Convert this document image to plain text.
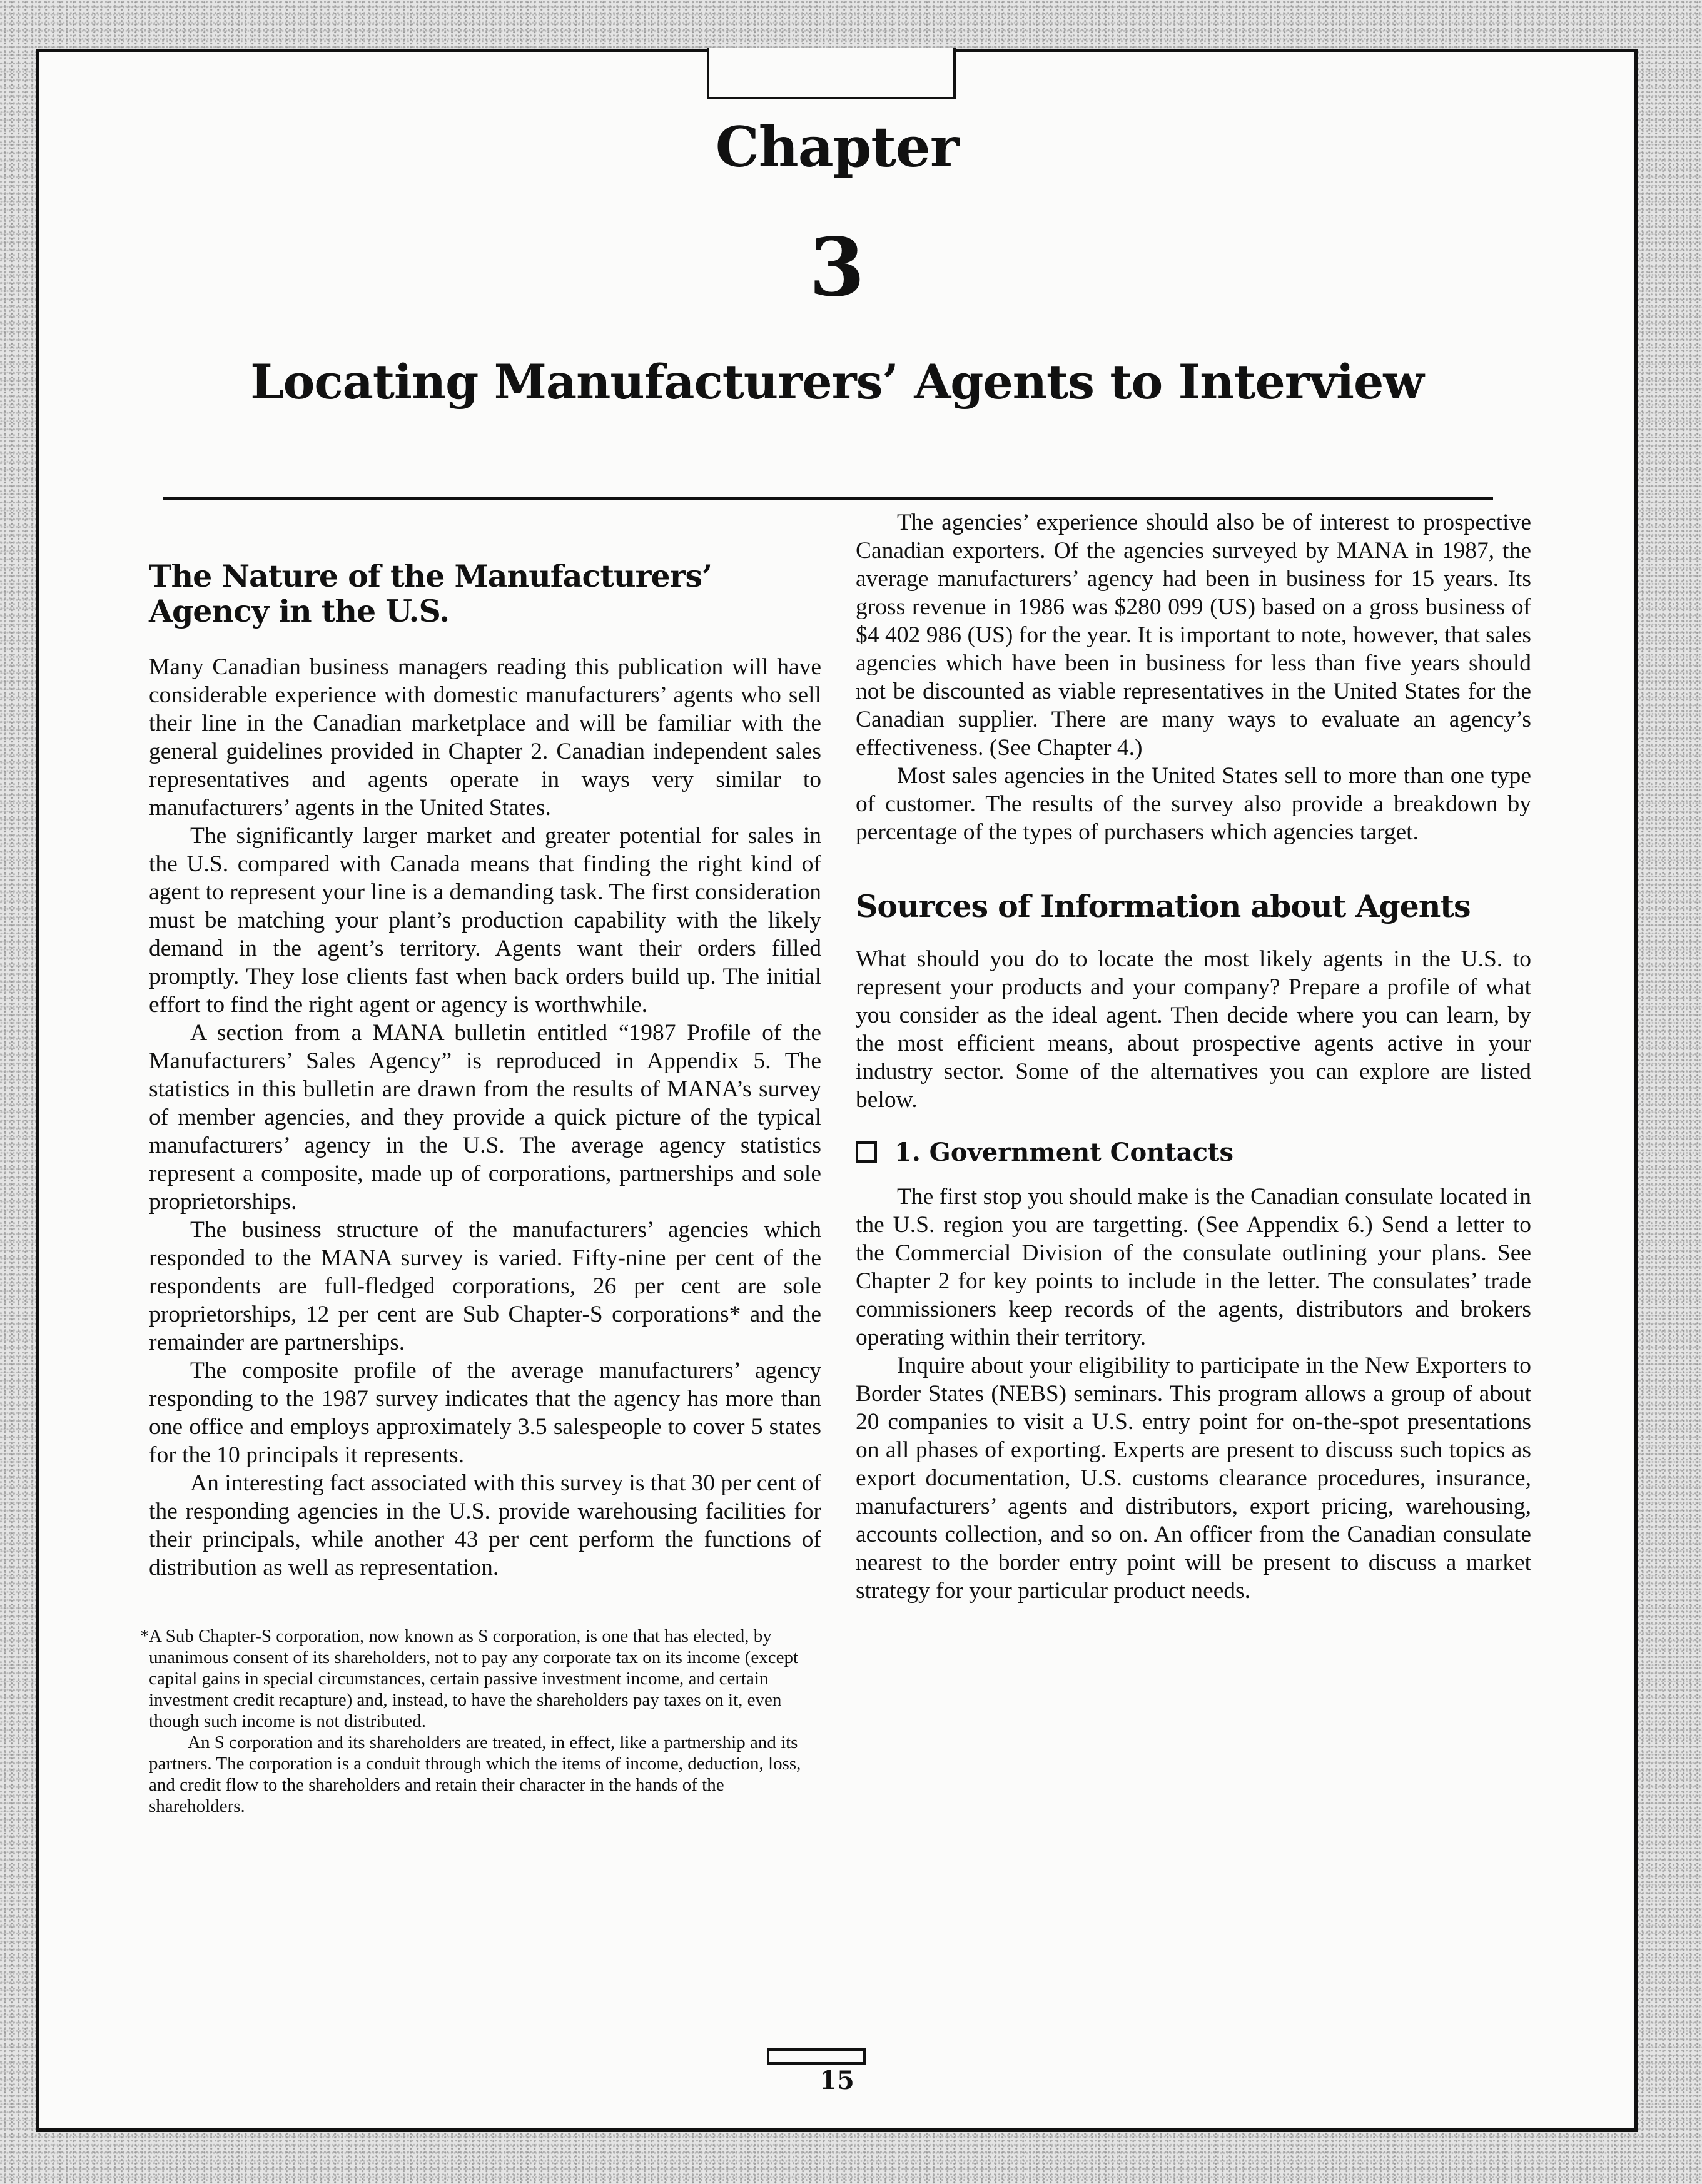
Chapter
3
Locating Manufacturers’ Agents to Interview
The Nature of the Manufacturers’ Agency in the U.S.

Many Canadian business managers reading this publication will have considerable experience with domestic manufacturers’ agents who sell their line in the Canadian marketplace and will be familiar with the general guidelines provided in Chapter 2. Canadian independent sales representatives and agents operate in ways very similar to manufacturers’ agents in the United States.

The significantly larger market and greater potential for sales in the U.S. compared with Canada means that finding the right kind of agent to represent your line is a demanding task. The first consideration must be matching your plant’s production capability with the likely demand in the agent’s territory. Agents want their orders filled promptly. They lose clients fast when back orders build up. The initial effort to find the right agent or agency is worthwhile.

A section from a MANA bulletin entitled “1987 Profile of the Manufacturers’ Sales Agency” is reproduced in Appendix 5. The statistics in this bulletin are drawn from the results of MANA’s survey of member agencies, and they provide a quick picture of the typical manufacturers’ agency in the U.S. The average agency statistics represent a composite, made up of corporations, partnerships and sole proprietorships.

The business structure of the manufacturers’ agencies which responded to the MANA survey is varied. Fifty-nine per cent of the respondents are full-fledged corporations, 26 per cent are sole proprietorships, 12 per cent are Sub Chapter-S corporations* and the remainder are partnerships.

The composite profile of the average manufacturers’ agency responding to the 1987 survey indicates that the agency has more than one office and employs approximately 3.5 salespeople to cover 5 states for the 10 principals it represents.

An interesting fact associated with this survey is that 30 per cent of the responding agencies in the U.S. provide warehousing facilities for their principals, while another 43 per cent perform the functions of distribution as well as representation.

*A Sub Chapter-S corporation, now known as S corporation, is one that has elected, by unanimous consent of its shareholders, not to pay any corporate tax on its income (except capital gains in special circumstances, certain passive investment income, and certain investment credit recapture) and, instead, to have the shareholders pay taxes on it, even though such income is not distributed.

An S corporation and its shareholders are treated, in effect, like a partnership and its partners. The corporation is a conduit through which the items of income, deduction, loss, and credit flow to the shareholders and retain their character in the hands of the shareholders.

The agencies’ experience should also be of interest to prospective Canadian exporters. Of the agencies surveyed by MANA in 1987, the average manufacturers’ agency had been in business for 15 years. Its gross revenue in 1986 was $280 099 (US) based on a gross business of $4 402 986 (US) for the year. It is important to note, however, that sales agencies which have been in business for less than five years should not be discounted as viable representatives in the United States for the Canadian supplier. There are many ways to evaluate an agency’s effectiveness. (See Chapter 4.)

Most sales agencies in the United States sell to more than one type of customer. The results of the survey also provide a breakdown by percentage of the types of purchasers which agencies target.

Sources of Information about Agents

What should you do to locate the most likely agents in the U.S. to represent your products and your company? Prepare a profile of what you consider as the ideal agent. Then decide where you can learn, by the most efficient means, about prospective agents active in your industry sector. Some of the alternatives you can explore are listed below.

1. Government Contacts

The first stop you should make is the Canadian consulate located in the U.S. region you are targetting. (See Appendix 6.) Send a letter to the Commercial Division of the consulate outlining your plans. See Chapter 2 for key points to include in the letter. The consulates’ trade commissioners keep records of the agents, distributors and brokers operating within their territory.

Inquire about your eligibility to participate in the New Exporters to Border States (NEBS) seminars. This program allows a group of about 20 companies to visit a U.S. entry point for on-the-spot presentations on all phases of exporting. Experts are present to discuss such topics as export documentation, U.S. customs clearance procedures, insurance, manufacturers’ agents and distributors, export pricing, warehousing, accounts collection, and so on. An officer from the Canadian consulate nearest to the border entry point will be present to discuss a market strategy for your particular product needs.

15
